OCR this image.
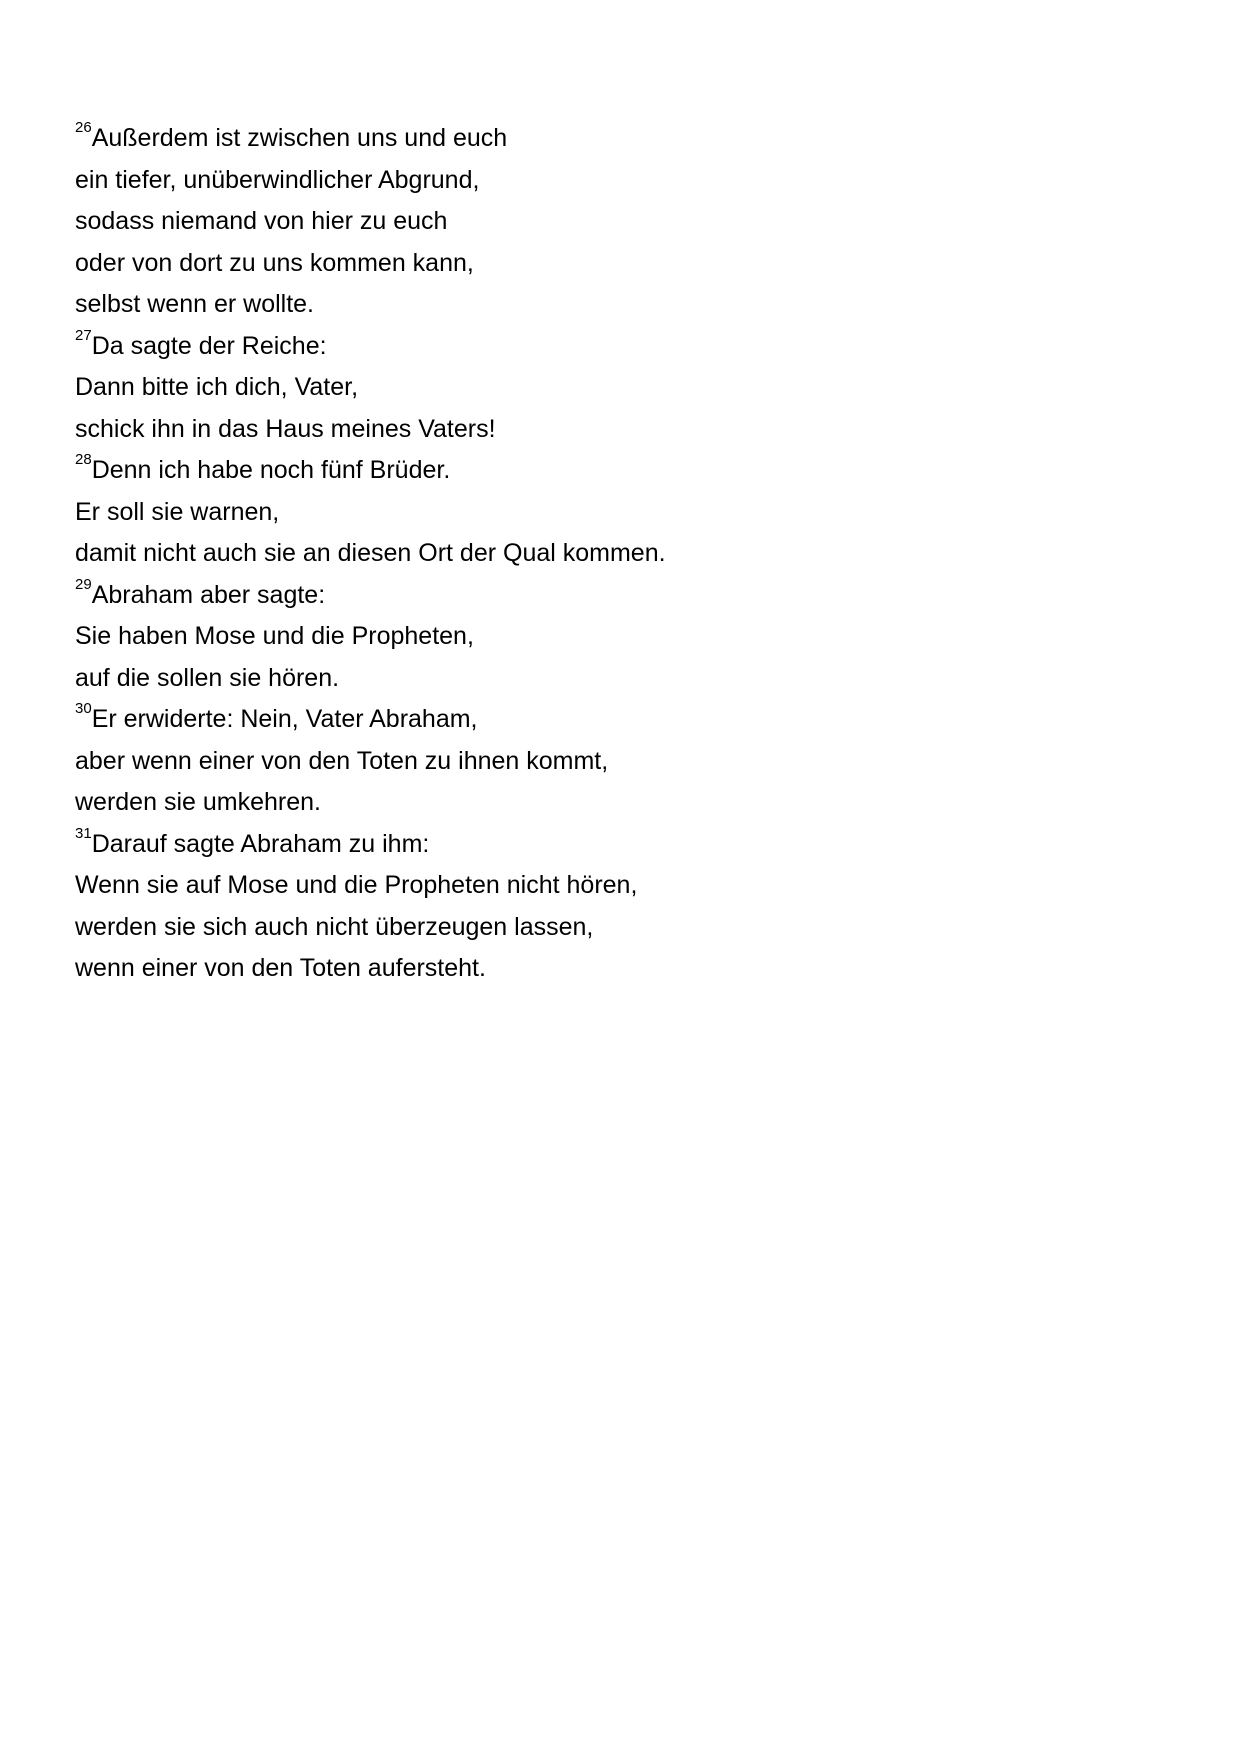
$^{26}$Außerdem ist zwischen uns und euch
ein tiefer, unüberwindlicher Abgrund,
sodass niemand von hier zu euch
oder von dort zu uns kommen kann,
selbst wenn er wollte.
$^{27}$Da sagte der Reiche:
Dann bitte ich dich, Vater,
schick ihn in das Haus meines Vaters!
$^{28}$Denn ich habe noch fünf Brüder.
Er soll sie warnen,
damit nicht auch sie an diesen Ort der Qual kommen.
$^{29}$Abraham aber sagte:
Sie haben Mose und die Propheten,
auf die sollen sie hören.
$^{30}$Er erwiderte: Nein, Vater Abraham,
aber wenn einer von den Toten zu ihnen kommt,
werden sie umkehren.
$^{31}$Darauf sagte Abraham zu ihm:
Wenn sie auf Mose und die Propheten nicht hören,
werden sie sich auch nicht überzeugen lassen,
wenn einer von den Toten aufersteht.
